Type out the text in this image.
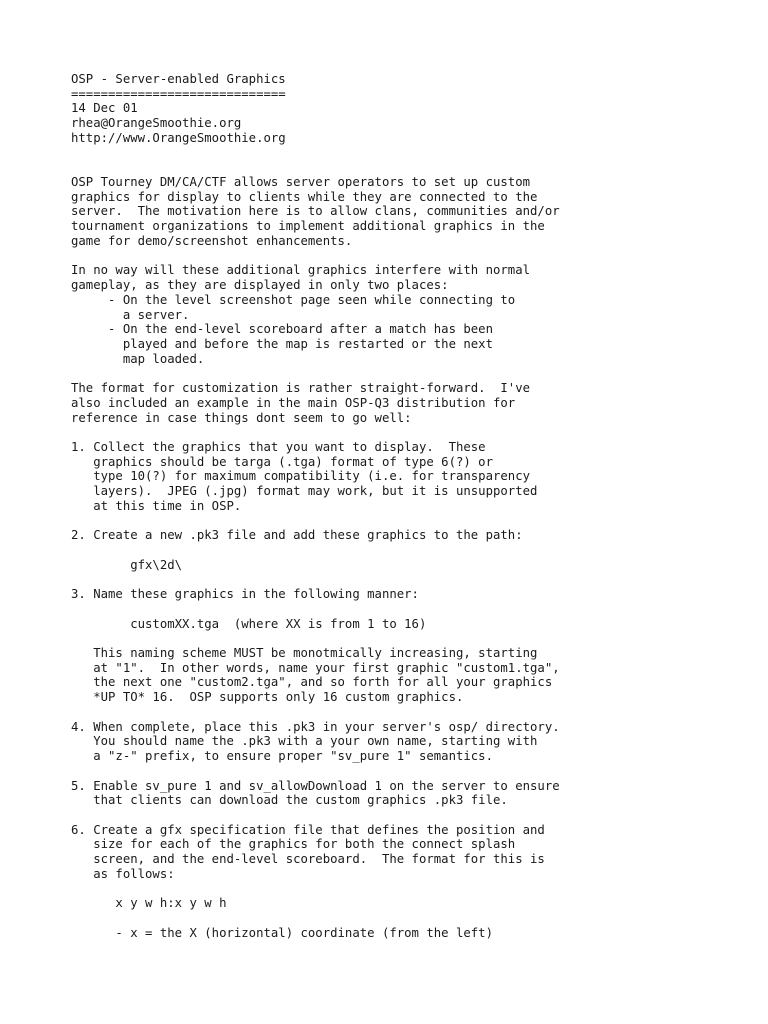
OSP - Server-enabled Graphics
=============================
14 Dec 01
rhea@OrangeSmoothie.org
http://www.OrangeSmoothie.org

OSP Tourney DM/CA/CTF allows server operators to set up custom
graphics for display to clients while they are connected to the
server.  The motivation here is to allow clans, communities and/or
tournament organizations to implement additional graphics in the
game for demo/screenshot enhancements.

In no way will these additional graphics interfere with normal
gameplay, as they are displayed in only two places:
- On the level screenshot page seen while connecting to
a server.
- On the end-level scoreboard after a match has been
played and before the map is restarted or the next
map loaded.

The format for customization is rather straight-forward.  I've
also included an example in the main OSP-Q3 distribution for
reference in case things dont seem to go well:

1. Collect the graphics that you want to display.  These
graphics should be targa (.tga) format of type 6(?) or
type 10(?) for maximum compatibility (i.e. for transparency
layers).  JPEG (.jpg) format may work, but it is unsupported
at this time in OSP.

2. Create a new .pk3 file and add these graphics to the path:

gfx\2d\

3. Name these graphics in the following manner:

customXX.tga  (where XX is from 1 to 16)

This naming scheme MUST be monotmically increasing, starting
at "1".  In other words, name your first graphic "custom1.tga",
the next one "custom2.tga", and so forth for all your graphics
*UP TO* 16.  OSP supports only 16 custom graphics.

4. When complete, place this .pk3 in your server's osp/ directory.
You should name the .pk3 with a your own name, starting with
a "z-" prefix, to ensure proper "sv_pure 1" semantics.

5. Enable sv_pure 1 and sv_allowDownload 1 on the server to ensure
that clients can download the custom graphics .pk3 file.

6. Create a gfx specification file that defines the position and
size for each of the graphics for both the connect splash
screen, and the end-level scoreboard.  The format for this is
as follows:

x y w h:x y w h

- x = the X (horizontal) coordinate (from the left)
